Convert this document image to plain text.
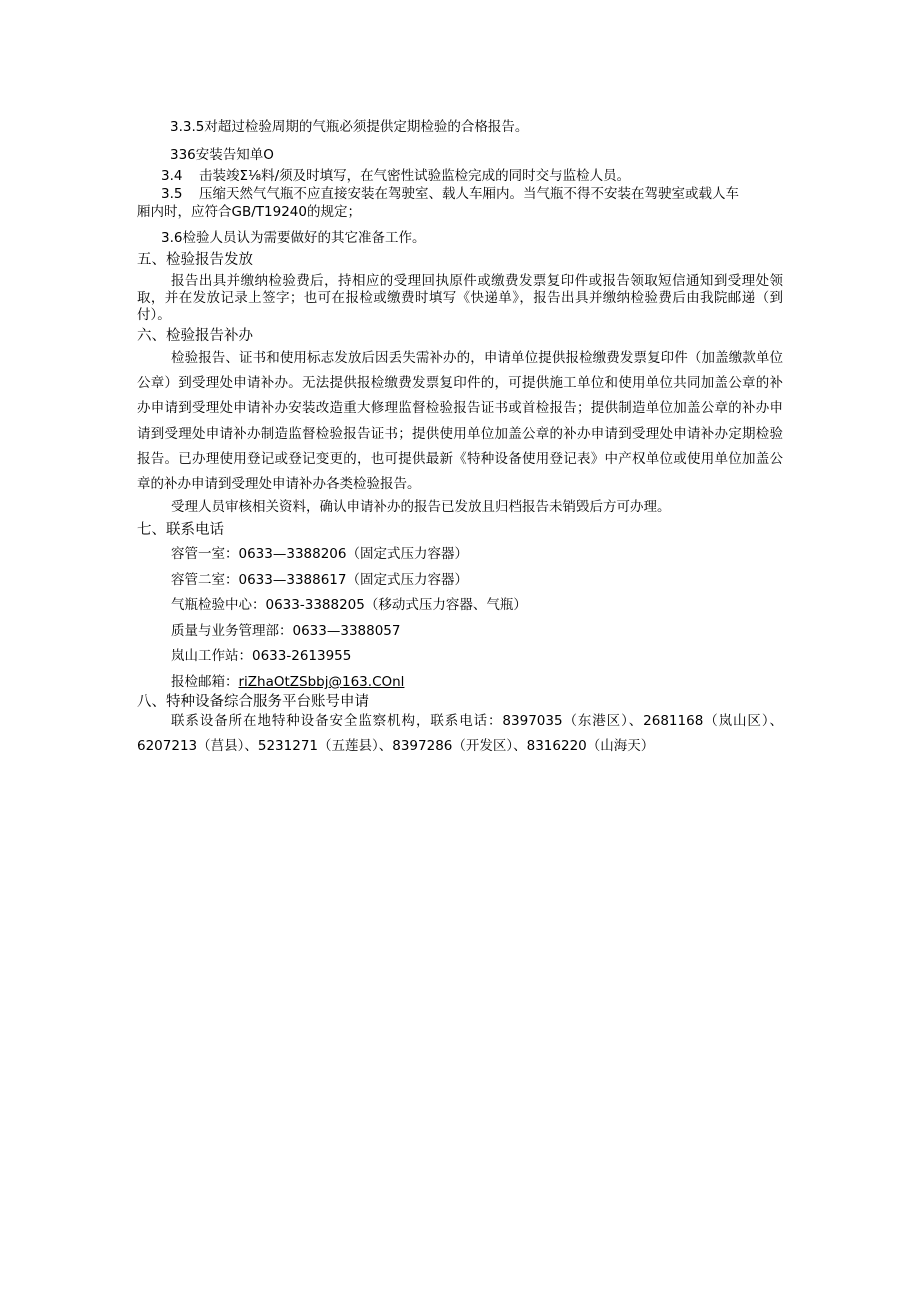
3.3.5对超过检验周期的气瓶必须提供定期检验的合格报告。
336安装告知单O
3.4 击装竣Σ⅛料/须及时填写，在气密性试验监检完成的同时交与监检人员。
3.5 压缩天然气气瓶不应直接安装在驾驶室、载人车厢内。当气瓶不得不安装在驾驶室或载人车
厢内时，应符合GB/T19240的规定；
3.6检验人员认为需要做好的其它准备工作。
五、检验报告发放
报告出具并缴纳检验费后，持相应的受理回执原件或缴费发票复印件或报告领取短信通知到受理处领取，并在发放记录上签字；也可在报检或缴费时填写《快递单》，报告出具并缴纳检验费后由我院邮递（到付）。
六、检验报告补办
检验报告、证书和使用标志发放后因丢失需补办的，申请单位提供报检缴费发票复印件（加盖缴款单位公章）到受理处申请补办。无法提供报检缴费发票复印件的，可提供施工单位和使用单位共同加盖公章的补办申请到受理处申请补办安装改造重大修理监督检验报告证书或首检报告；提供制造单位加盖公章的补办申请到受理处申请补办制造监督检验报告证书；提供使用单位加盖公章的补办申请到受理处申请补办定期检验报告。已办理使用登记或登记变更的，也可提供最新《特种设备使用登记表》中产权单位或使用单位加盖公章的补办申请到受理处申请补办各类检验报告。
受理人员审核相关资料，确认申请补办的报告已发放且归档报告未销毁后方可办理。
七、联系电话
容管一室：0633—3388206（固定式压力容器）
容管二室：0633—3388617（固定式压力容器）
气瓶检验中心：0633-3388205（移动式压力容器、气瓶）
质量与业务管理部：0633—3388057
岚山工作站：0633-2613955
报检邮箱：riZhaOtZSbbj@163.COnl
八、特种设备综合服务平台账号申请
联系设备所在地特种设备安全监察机构，联系电话：8397035（东港区）、2681168（岚山区）、6207213（莒县）、5231271（五莲县）、8397286（开发区）、8316220（山海天）
